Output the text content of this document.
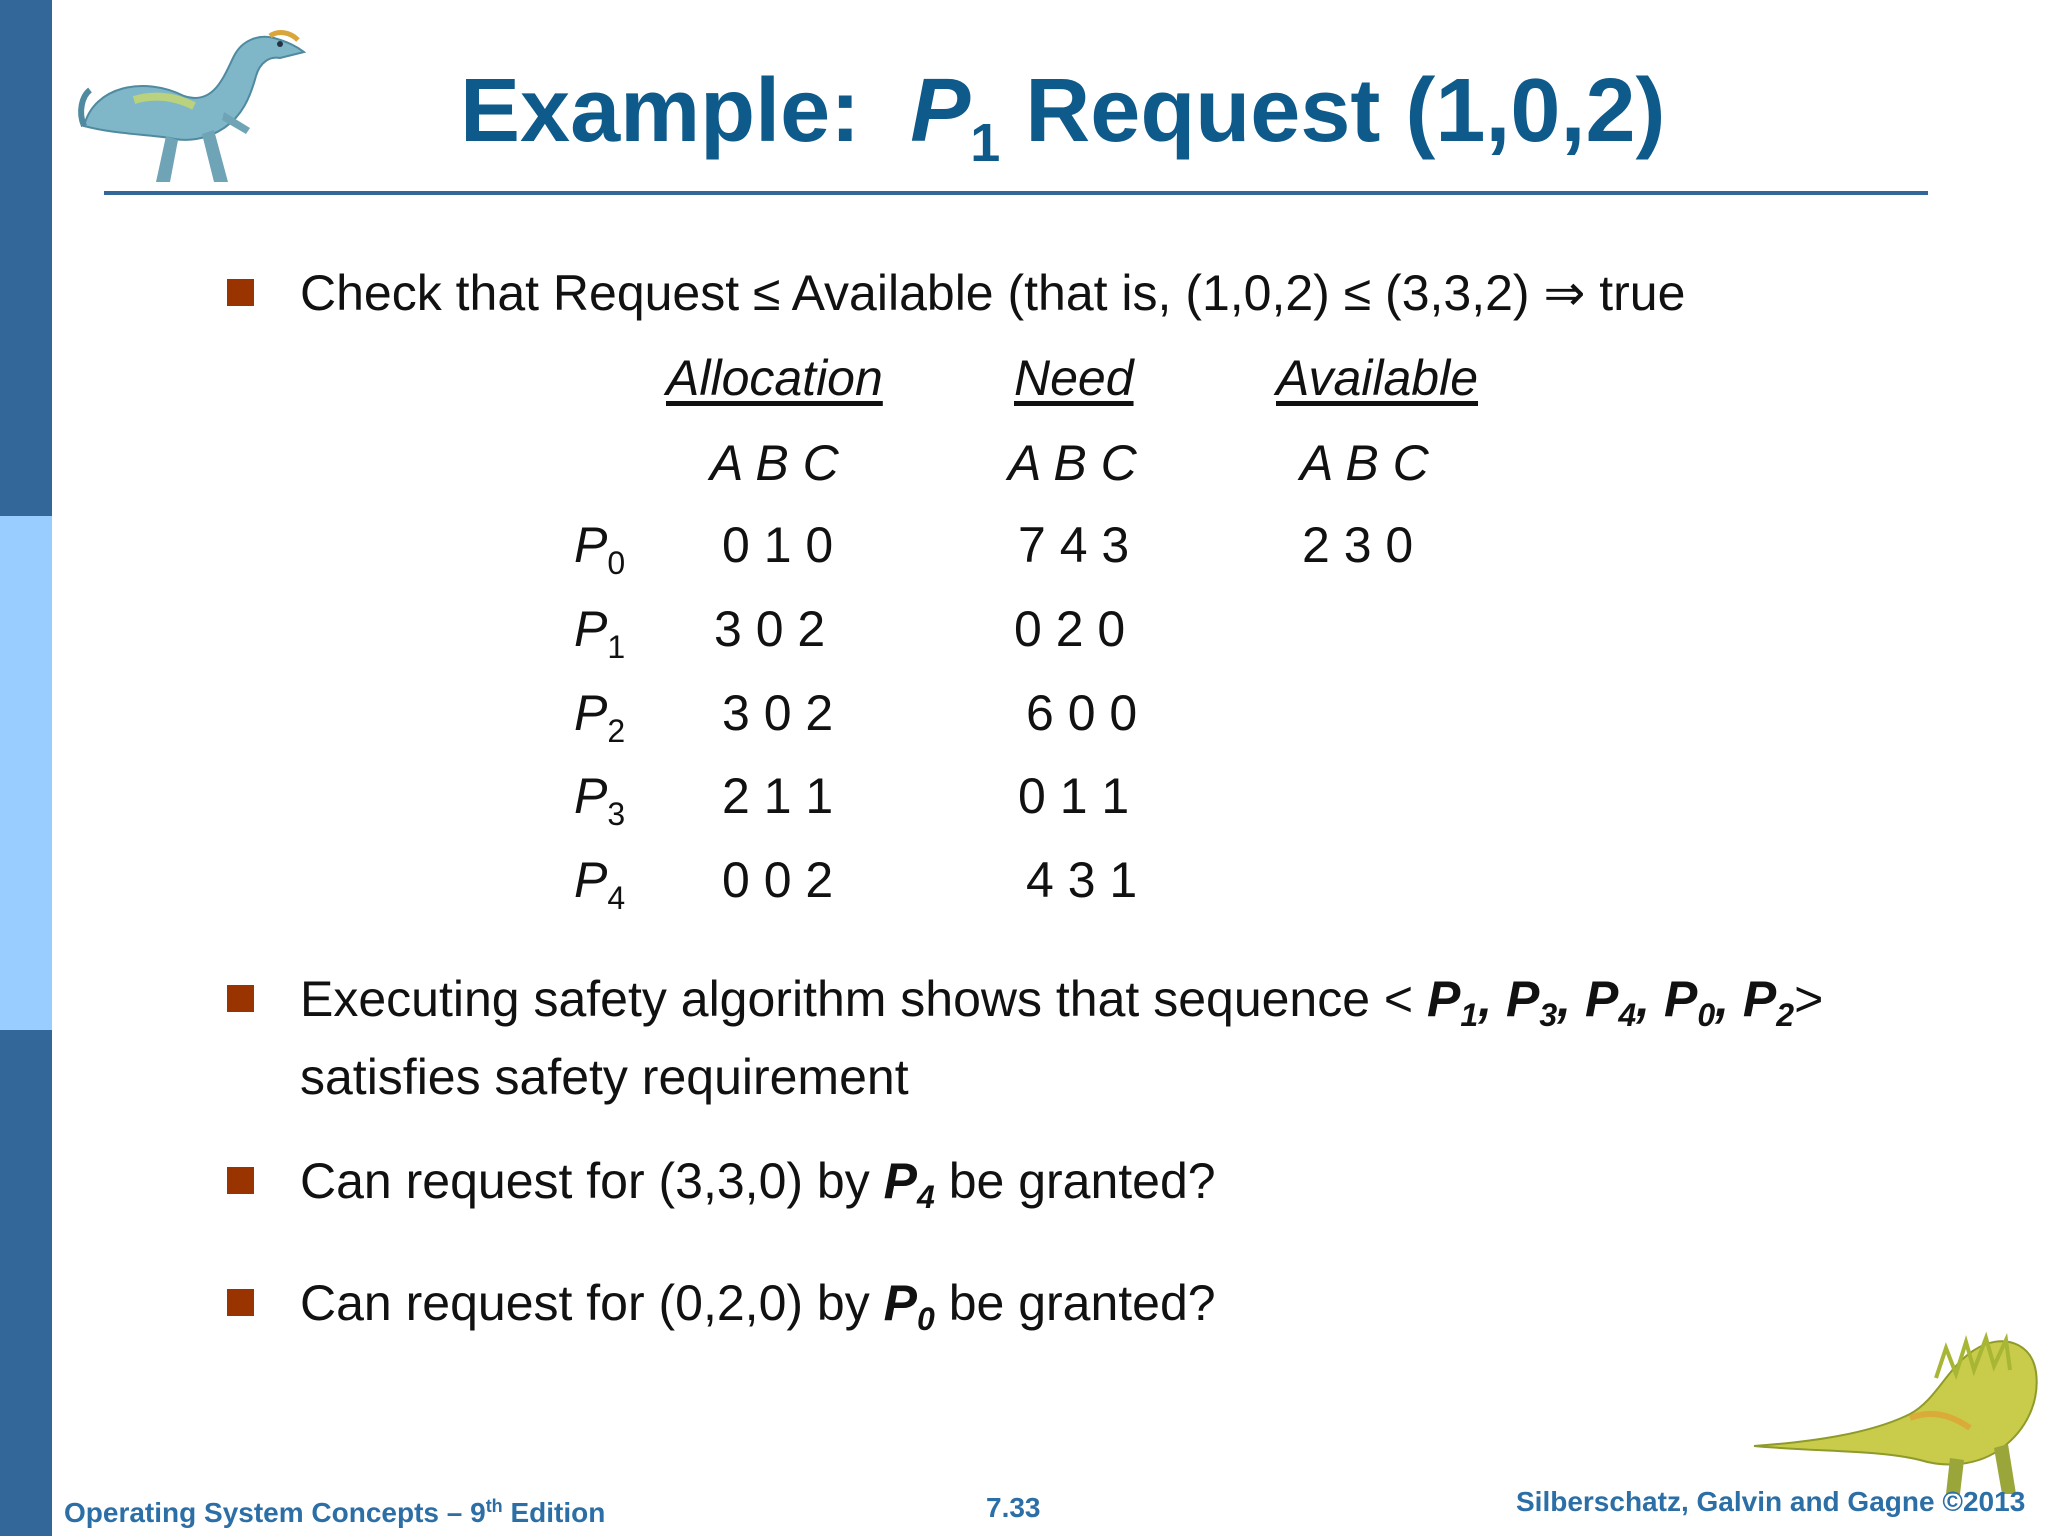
Example: $P_1$ Request (1,0,2)
Check that Request ≤ Available (that is, (1,0,2) ≤ (3,3,2) ⇒ true
Allocation	Need	Available
A B C	A B C	A B C
$P_0$ 0 1 0	7 4 3	2 3 0
$P_1$ 3 0 2	0 2 0
$P_2$ 3 0 2	6 0 0
$P_3$ 2 1 1	0 1 1
$P_4$ 0 0 2	4 3 1
Executing safety algorithm shows that sequence < $P_1$, $P_3$, $P_4$, $P_0$, $P_2>$
satisfies safety requirement
Can request for (3,3,0) by $P_4$ be granted?
Can request for (0,2,0) by $P_0$ be granted?
Operating System Concepts – 9th Edition	7.33	Silberschatz, Galvin and Gagne ©2013
